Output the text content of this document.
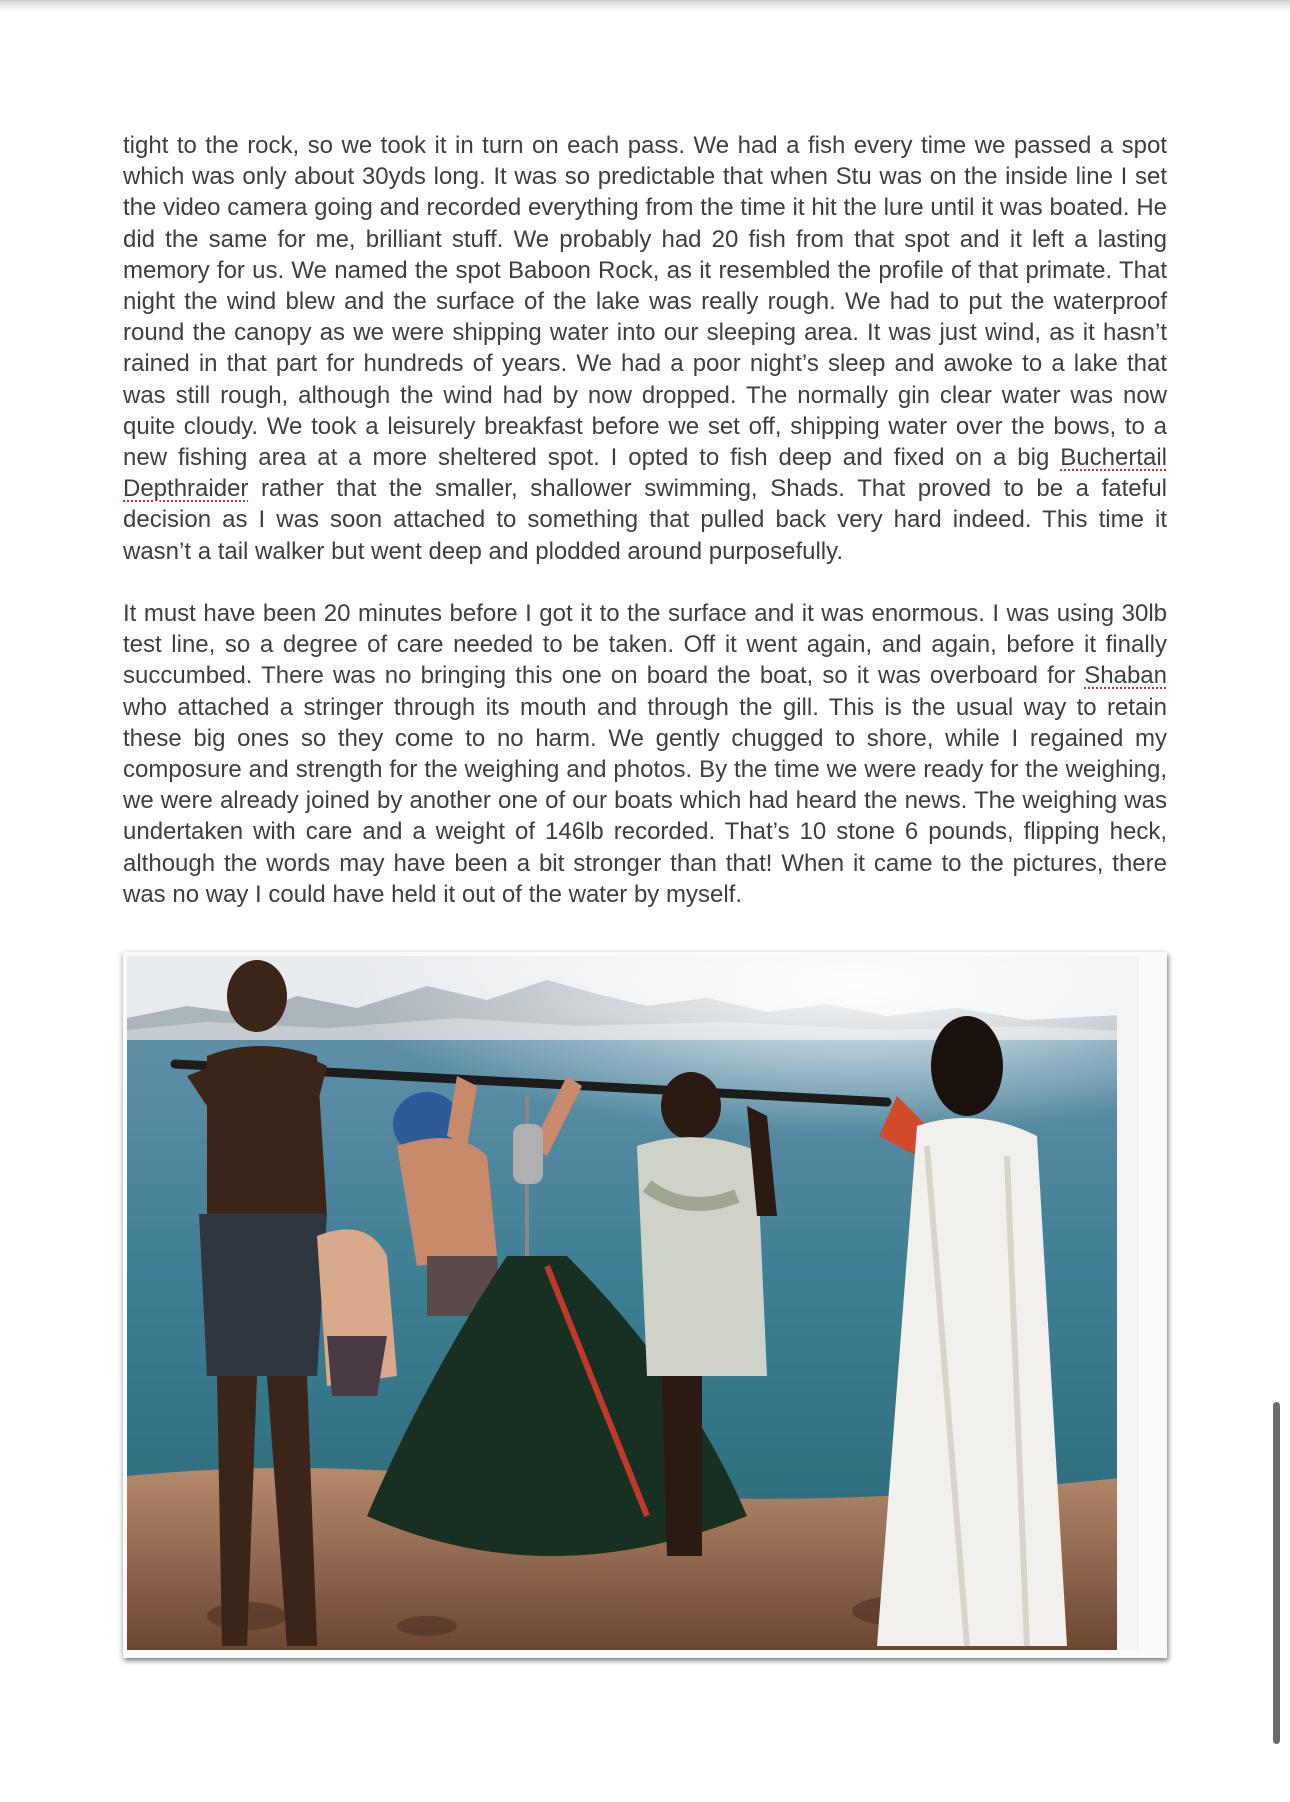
tight to the rock, so we took it in turn on each pass. We had a fish every time we passed a spot which was only about 30yds long. It was so predictable that when Stu was on the inside line I set the video camera going and recorded everything from the time it hit the lure until it was boated. He did the same for me, brilliant stuff. We probably had 20 fish from that spot and it left a lasting memory for us. We named the spot Baboon Rock, as it resembled the profile of that primate. That night the wind blew and the surface of the lake was really rough. We had to put the waterproof round the canopy as we were shipping water into our sleeping area. It was just wind, as it hasn’t rained in that part for hundreds of years. We had a poor night’s sleep and awoke to a lake that was still rough, although the wind had by now dropped. The normally gin clear water was now quite cloudy. We took a leisurely breakfast before we set off, shipping water over the bows, to a new fishing area at a more sheltered spot. I opted to fish deep and fixed on a big Buchertail Depthraider rather that the smaller, shallower swimming, Shads. That proved to be a fateful decision as I was soon attached to something that pulled back very hard indeed. This time it wasn’t a tail walker but went deep and plodded around purposefully.

It must have been 20 minutes before I got it to the surface and it was enormous. I was using 30lb test line, so a degree of care needed to be taken. Off it went again, and again, before it finally succumbed. There was no bringing this one on board the boat, so it was overboard for Shaban who attached a stringer through its mouth and through the gill. This is the usual way to retain these big ones so they come to no harm. We gently chugged to shore, while I regained my composure and strength for the weighing and photos. By the time we were ready for the weighing, we were already joined by another one of our boats which had heard the news. The weighing was undertaken with care and a weight of 146lb recorded. That’s 10 stone 6 pounds, flipping heck, although the words may have been a bit stronger than that! When it came to the pictures, there was no way I could have held it out of the water by myself.
